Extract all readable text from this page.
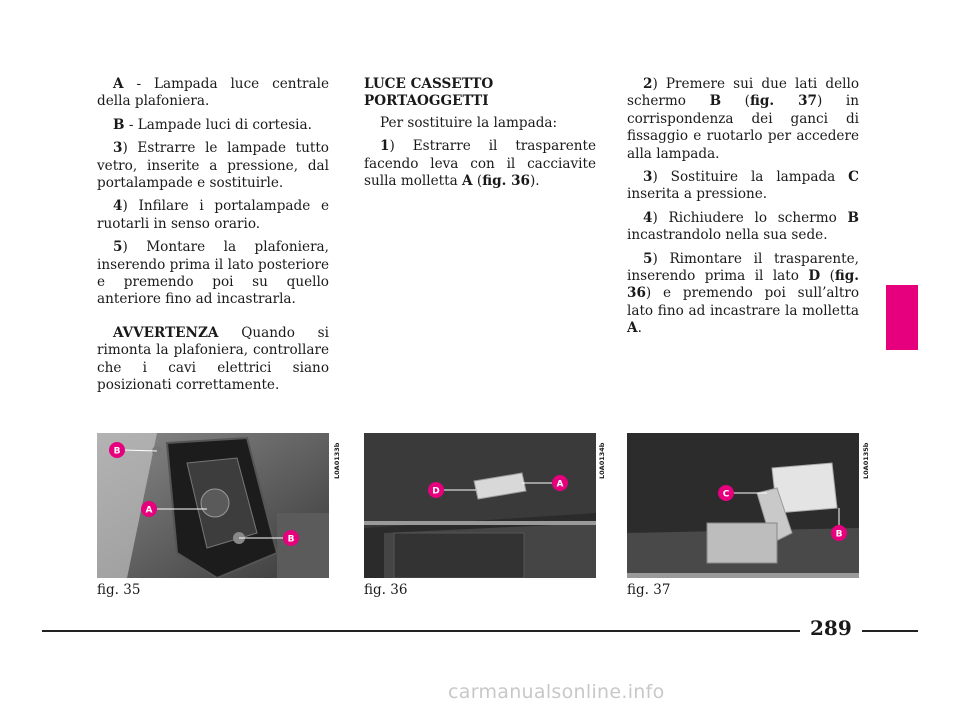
A - Lampada luce centrale della plafoniera.

B - Lampade luci di cortesia.

3) Estrarre le lampade tutto vetro, inserite a pressione, dal portalampade e sostituirle.

4) Infilare i portalampade e ruotarli in senso orario.

5) Montare la plafoniera, inserendo prima il lato posteriore e premendo poi su quello anteriore fino ad incastrarla.

AVVERTENZA Quando si rimonta la plafoniera, controllare che i cavi elettrici siano posizionati correttamente.

LUCE CASSETTO
PORTAOGGETTI

Per sostituire la lampada:

1) Estrarre il trasparente facendo leva con il cacciavite sulla molletta A (fig. 36).

2) Premere sui due lati dello schermo B (fig. 37) in corrispondenza dei ganci di fissaggio e ruotarlo per accedere alla lampada.

3) Sostituire la lampada C inserita a pressione.

4) Richiudere lo schermo B incastrandolo nella sua sede.

5) Rimontare il trasparente, inserendo prima il lato D (fig. 36) e premendo poi sull’altro lato fino ad incastrare la molletta A.

B
A
B
D
A
C
B
L0A0133b	L0A0134b	L0A0135b
fig. 35	fig. 36	fig. 37
289
carmanualsonline.info
